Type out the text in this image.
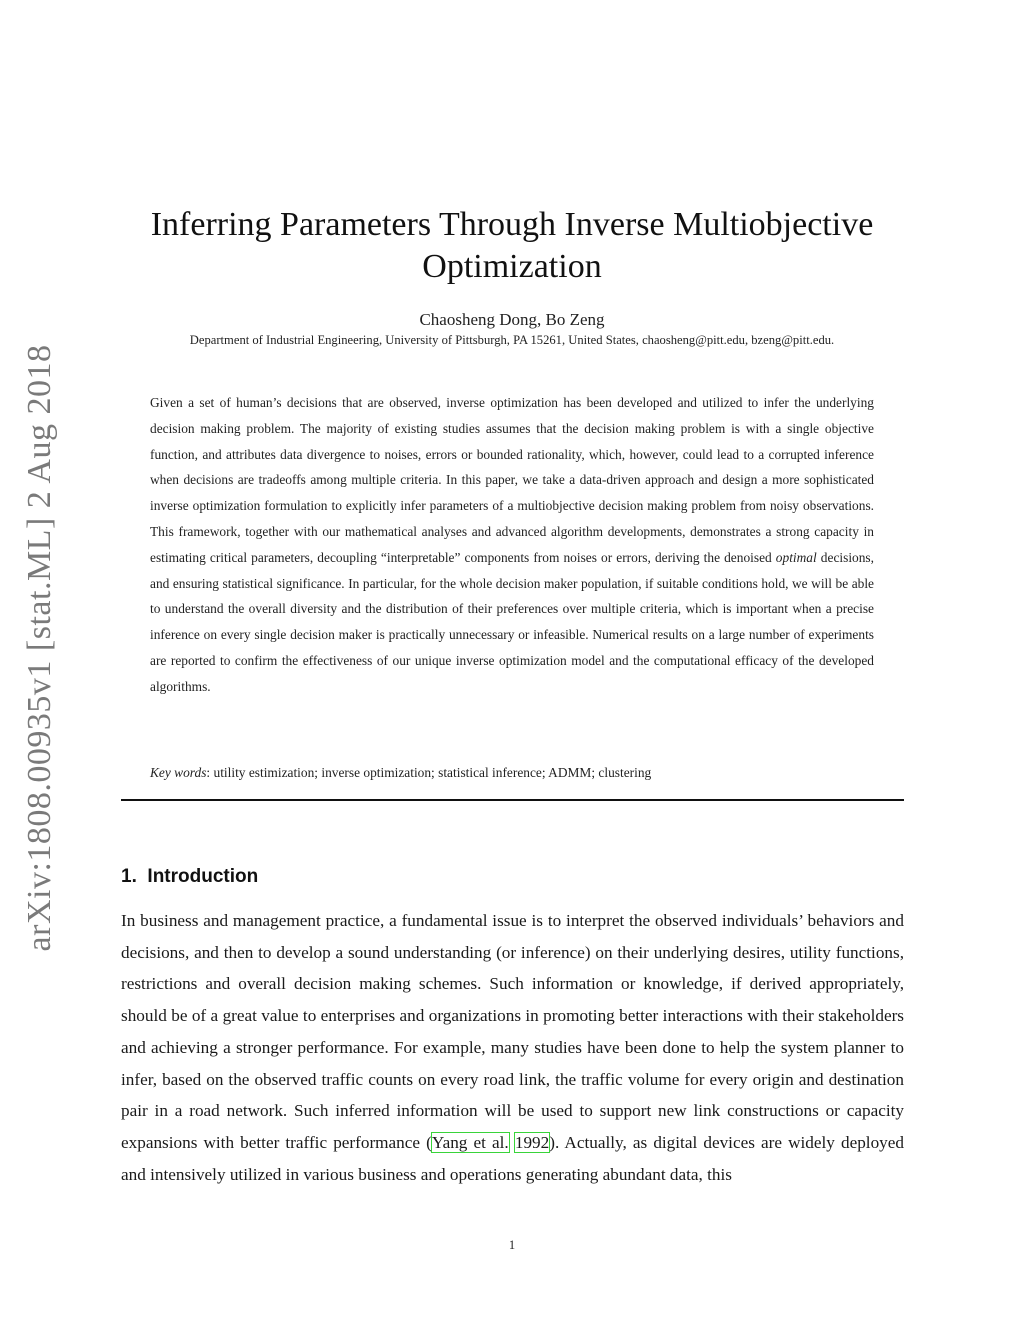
arXiv:1808.00935v1 [stat.ML] 2 Aug 2018
Inferring Parameters Through Inverse Multiobjective Optimization
Chaosheng Dong, Bo Zeng
Department of Industrial Engineering, University of Pittsburgh, PA 15261, United States, chaosheng@pitt.edu, bzeng@pitt.edu.
Given a set of human’s decisions that are observed, inverse optimization has been developed and utilized to infer the underlying decision making problem. The majority of existing studies assumes that the decision making problem is with a single objective function, and attributes data divergence to noises, errors or bounded rationality, which, however, could lead to a corrupted inference when decisions are tradeoffs among multiple criteria. In this paper, we take a data-driven approach and design a more sophisticated inverse optimization formulation to explicitly infer parameters of a multiobjective decision making problem from noisy observations. This framework, together with our mathematical analyses and advanced algorithm developments, demonstrates a strong capacity in estimating critical parameters, decoupling “interpretable” components from noises or errors, deriving the denoised optimal decisions, and ensuring statistical significance. In particular, for the whole decision maker population, if suitable conditions hold, we will be able to understand the overall diversity and the distribution of their preferences over multiple criteria, which is important when a precise inference on every single decision maker is practically unnecessary or infeasible. Numerical results on a large number of experiments are reported to confirm the effectiveness of our unique inverse optimization model and the computational efficacy of the developed algorithms.
Key words: utility estimization; inverse optimization; statistical inference; ADMM; clustering
1. Introduction
In business and management practice, a fundamental issue is to interpret the observed individuals’ behaviors and decisions, and then to develop a sound understanding (or inference) on their underlying desires, utility functions, restrictions and overall decision making schemes. Such information or knowledge, if derived appropriately, should be of a great value to enterprises and organizations in promoting better interactions with their stakeholders and achieving a stronger performance. For example, many studies have been done to help the system planner to infer, based on the observed traffic counts on every road link, the traffic volume for every origin and destination pair in a road network. Such inferred information will be used to support new link constructions or capacity expansions with better traffic performance (Yang et al. 1992). Actually, as digital devices are widely deployed and intensively utilized in various business and operations generating abundant data, this
1
